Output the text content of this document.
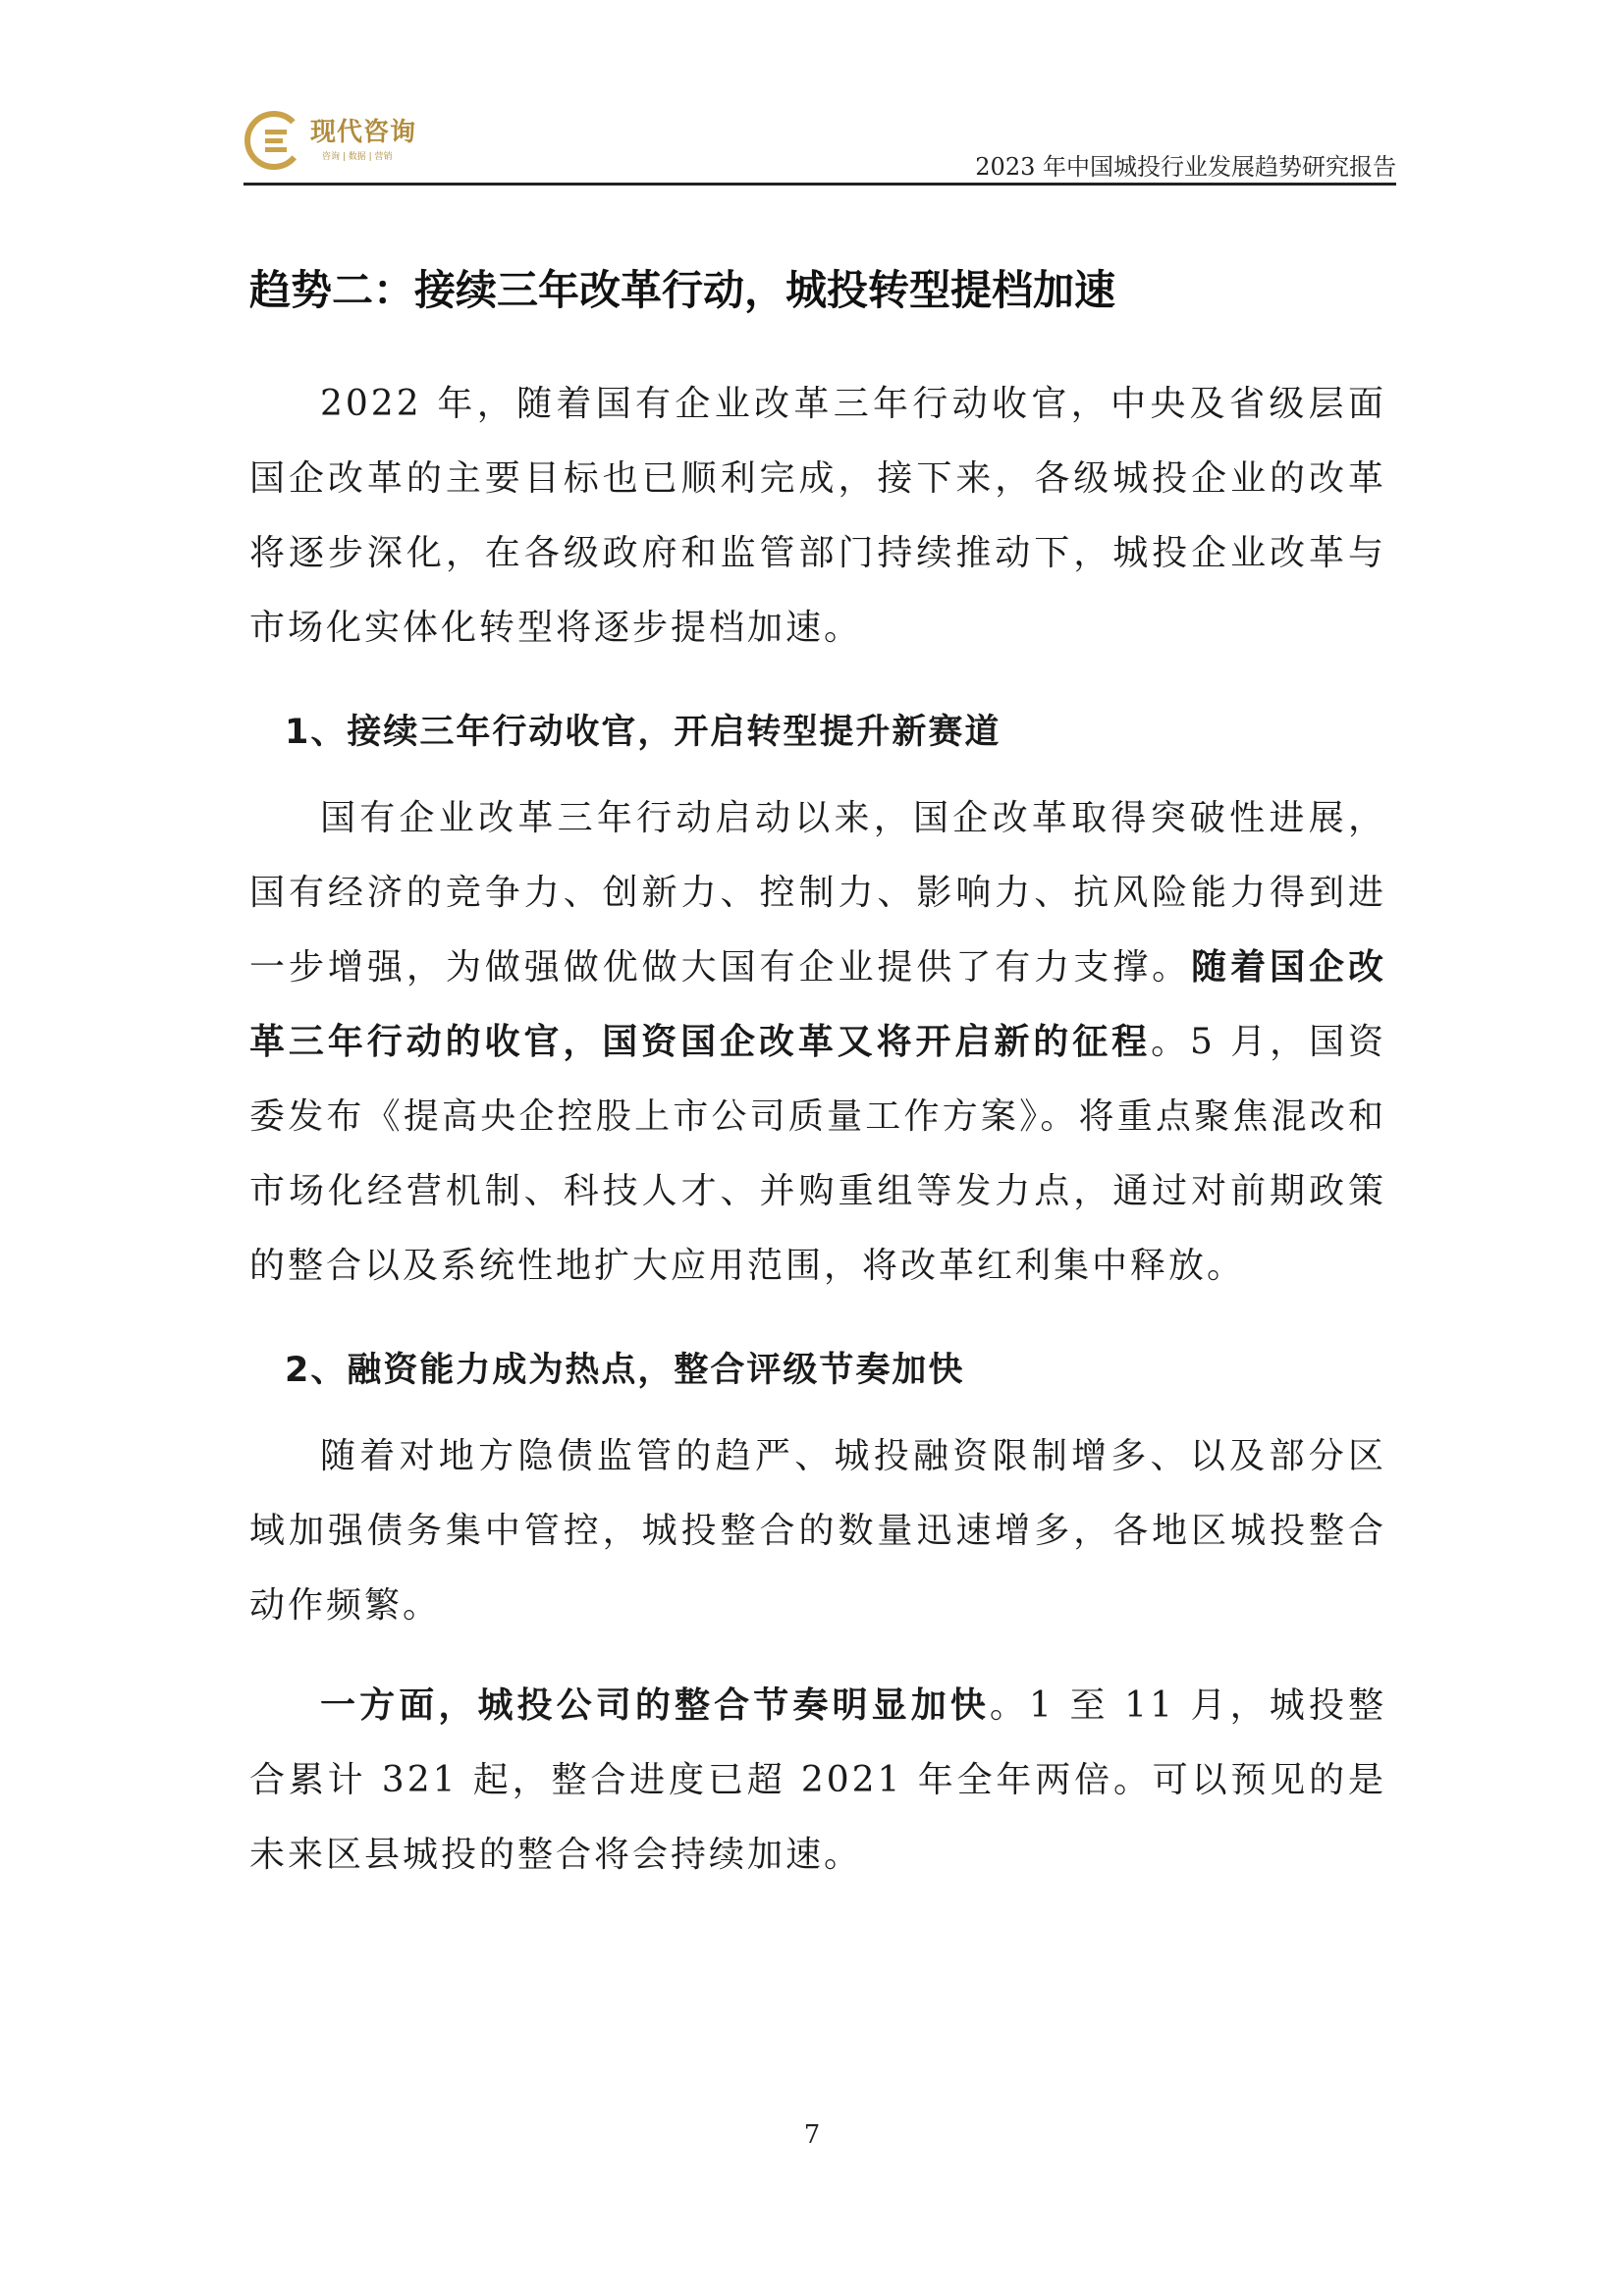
现代咨询
咨询 | 数据 | 营销	2023 年中国城投行业发展趋势研究报告
趋势二：接续三年改革行动，城投转型提档加速

2022 年，随着国有企业改革三年行动收官，中央及省级层面国企改革的主要目标也已顺利完成，接下来，各级城投企业的改革将逐步深化，在各级政府和监管部门持续推动下，城投企业改革与市场化实体化转型将逐步提档加速。

1、接续三年行动收官，开启转型提升新赛道

国有企业改革三年行动启动以来，国企改革取得突破性进展，国有经济的竞争力、创新力、控制力、影响力、抗风险能力得到进一步增强，为做强做优做大国有企业提供了有力支撑。随着国企改革三年行动的收官，国资国企改革又将开启新的征程。5 月，国资委发布《提高央企控股上市公司质量工作方案》。将重点聚焦混改和市场化经营机制、科技人才、并购重组等发力点，通过对前期政策的整合以及系统性地扩大应用范围，将改革红利集中释放。

2、融资能力成为热点，整合评级节奏加快

随着对地方隐债监管的趋严、城投融资限制增多、以及部分区域加强债务集中管控，城投整合的数量迅速增多，各地区城投整合动作频繁。

一方面，城投公司的整合节奏明显加快。1 至 11 月，城投整合累计 321 起，整合进度已超 2021 年全年两倍。可以预见的是未来区县城投的整合将会持续加速。

7
